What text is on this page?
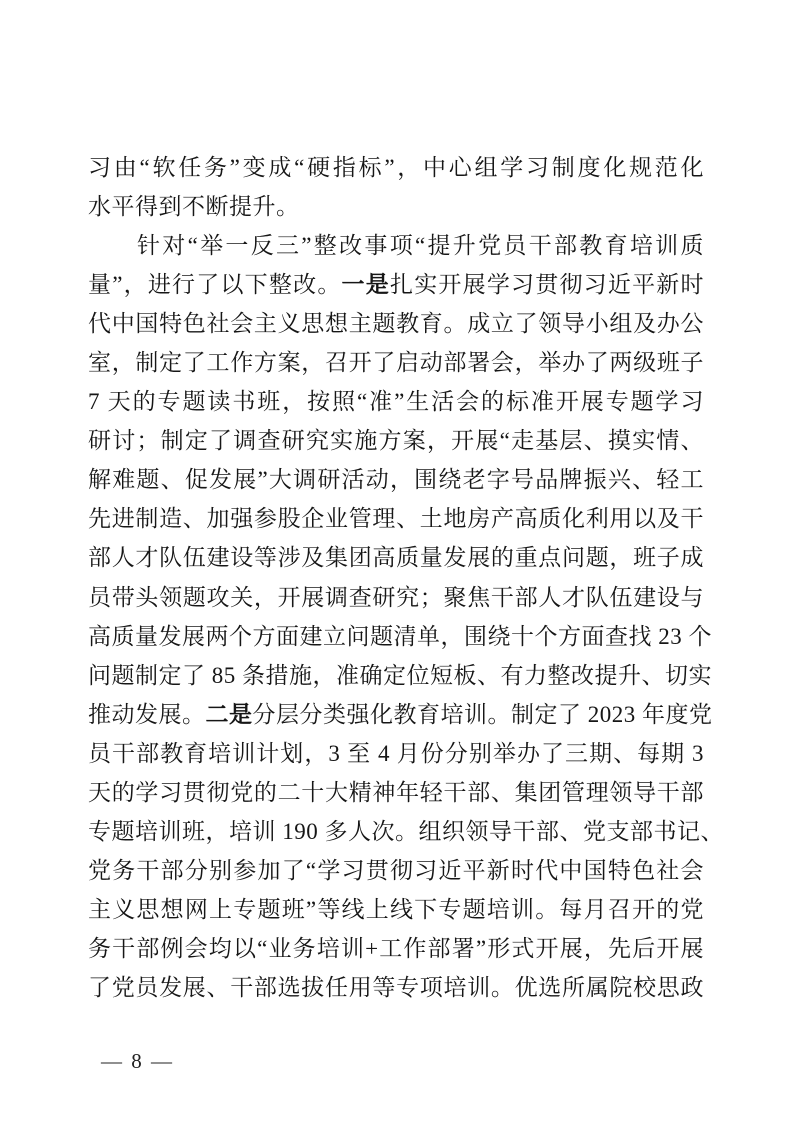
习由“软任务”变成“硬指标”，中心组学习制度化规范化
水平得到不断提升。
针对“举一反三”整改事项“提升党员干部教育培训质
量”，进行了以下整改。一是扎实开展学习贯彻习近平新时
代中国特色社会主义思想主题教育。成立了领导小组及办公
室，制定了工作方案，召开了启动部署会，举办了两级班子
7 天的专题读书班，按照“准”生活会的标准开展专题学习
研讨；制定了调查研究实施方案，开展“走基层、摸实情、
解难题、促发展”大调研活动，围绕老字号品牌振兴、轻工
先进制造、加强参股企业管理、土地房产高质化利用以及干
部人才队伍建设等涉及集团高质量发展的重点问题，班子成
员带头领题攻关，开展调查研究；聚焦干部人才队伍建设与
高质量发展两个方面建立问题清单，围绕十个方面查找 23 个
问题制定了 85 条措施，准确定位短板、有力整改提升、切实
推动发展。二是分层分类强化教育培训。制定了 2023 年度党
员干部教育培训计划，3 至 4 月份分别举办了三期、每期 3
天的学习贯彻党的二十大精神年轻干部、集团管理领导干部
专题培训班，培训 190 多人次。组织领导干部、党支部书记、
党务干部分别参加了“学习贯彻习近平新时代中国特色社会
主义思想网上专题班”等线上线下专题培训。每月召开的党
务干部例会均以“业务培训+工作部署”形式开展，先后开展
了党员发展、干部选拔任用等专项培训。优选所属院校思政
— 8 —
